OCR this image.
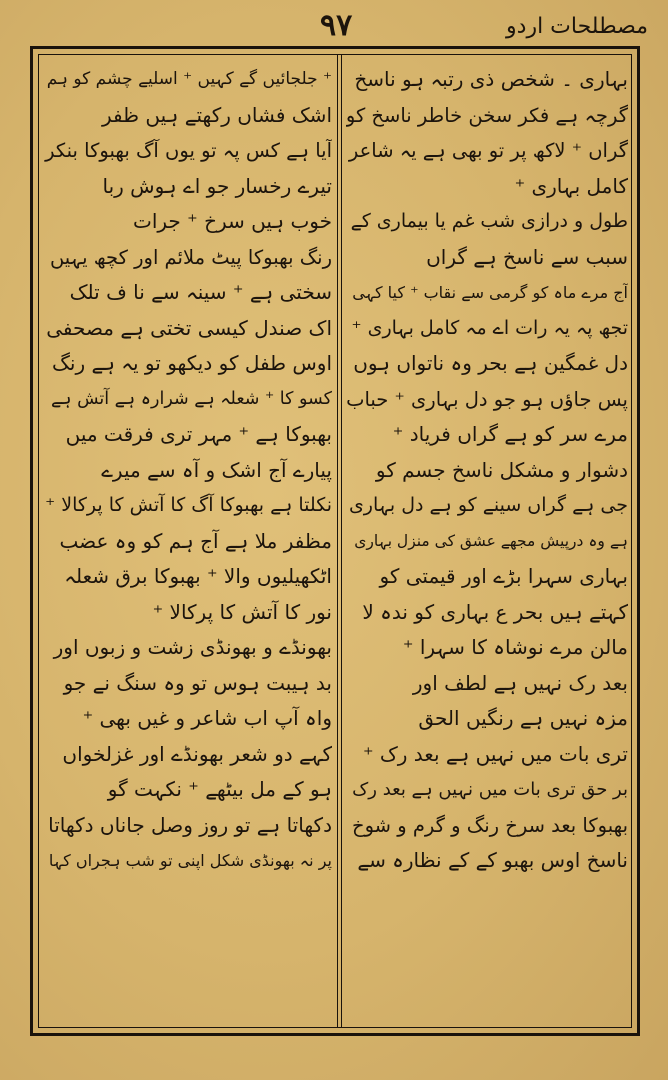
۹۷	مصطلحات اردو
بہاری ۔ شخص ذی رتبہ ہو ناسخ
گرچہ ہے فکر سخن خاطر ناسخ کو
گراں ⁺ لاکھ پر تو بھی ہے یہ شاعر
کامل بہاری ⁺
طول و درازی شب غم یا بیماری کے
سبب سے ناسخ ہے گراں
آج مرے ماہ کو گرمی سے نقاب ⁺ کیا کہی
تجھ پہ یہ رات اے مہ کامل بہاری ⁺
دل غمگین ہے بحر وہ ناتواں ہوں
پس جاؤں ہو جو دل بہاری ⁺ حباب
مرے سر کو ہے گراں فریاد ⁺
دشوار و مشکل ناسخ جسم کو
جی ہے گراں سینے کو ہے دل بہاری
ہے وہ درپیش مجھے عشق کی منزل بہاری
بہاری سہرا بڑے اور قیمتی کو
کہتے ہیں بحر ع بہاری کو ندہ لا
مالن مرے نوشاہ کا سہرا ⁺
بعد رک نہیں ہے لطف اور
مزہ نہیں ہے رنگیں الحق
تری بات میں نہیں ہے بعد رک ⁺
بر حق تری بات میں نہیں ہے بعد رک
بھبوکا بعد سرخ رنگ و گرم و شوخ
ناسخ اوس بھبو کے کے نظارہ سے
⁺ جلجائیں گے کہیں ⁺ اسلیے چشم کو ہم
اشک فشاں رکھتے ہیں ظفر
آیا ہے کس پہ تو یوں آگ بھبوکا بنکر
تیرے رخسار جو اے ہوش ربا
خوب ہیں سرخ ⁺ جرات
رنگ بھبوکا پیٹ ملائم اور کچھ یہیں
سختی ہے ⁺ سینہ سے نا ف تلک
اک صندل کیسی تختی ہے مصحفی
اوس طفل کو دیکھو تو یہ ہے رنگ
کسو کا ⁺ شعلہ ہے شرارہ ہے آتش ہے
بھبوکا ہے ⁺ مہر تری فرقت میں
پیارے آج اشک و آہ سے میرے
نکلتا ہے بھبوکا آگ کا آتش کا پرکالا ⁺
مظفر ملا ہے آج ہم کو وہ عضب
اٹکھیلیوں والا ⁺ بھبوکا برق شعلہ
نور کا آتش کا پرکالا ⁺
بھونڈے و بھونڈی زشت و زبوں اور
بد ہیبت ہوس تو وہ سنگ نے جو
واہ آپ اب شاعر و غیں بھی ⁺
کہے دو شعر بھونڈے اور غزلخواں
ہو کے مل بیٹھے ⁺ نکہت گو
دکھاتا ہے تو روز وصل جاناں دکھاتا
پر نہ بھونڈی شکل اپنی تو شب ہجراں کہا
